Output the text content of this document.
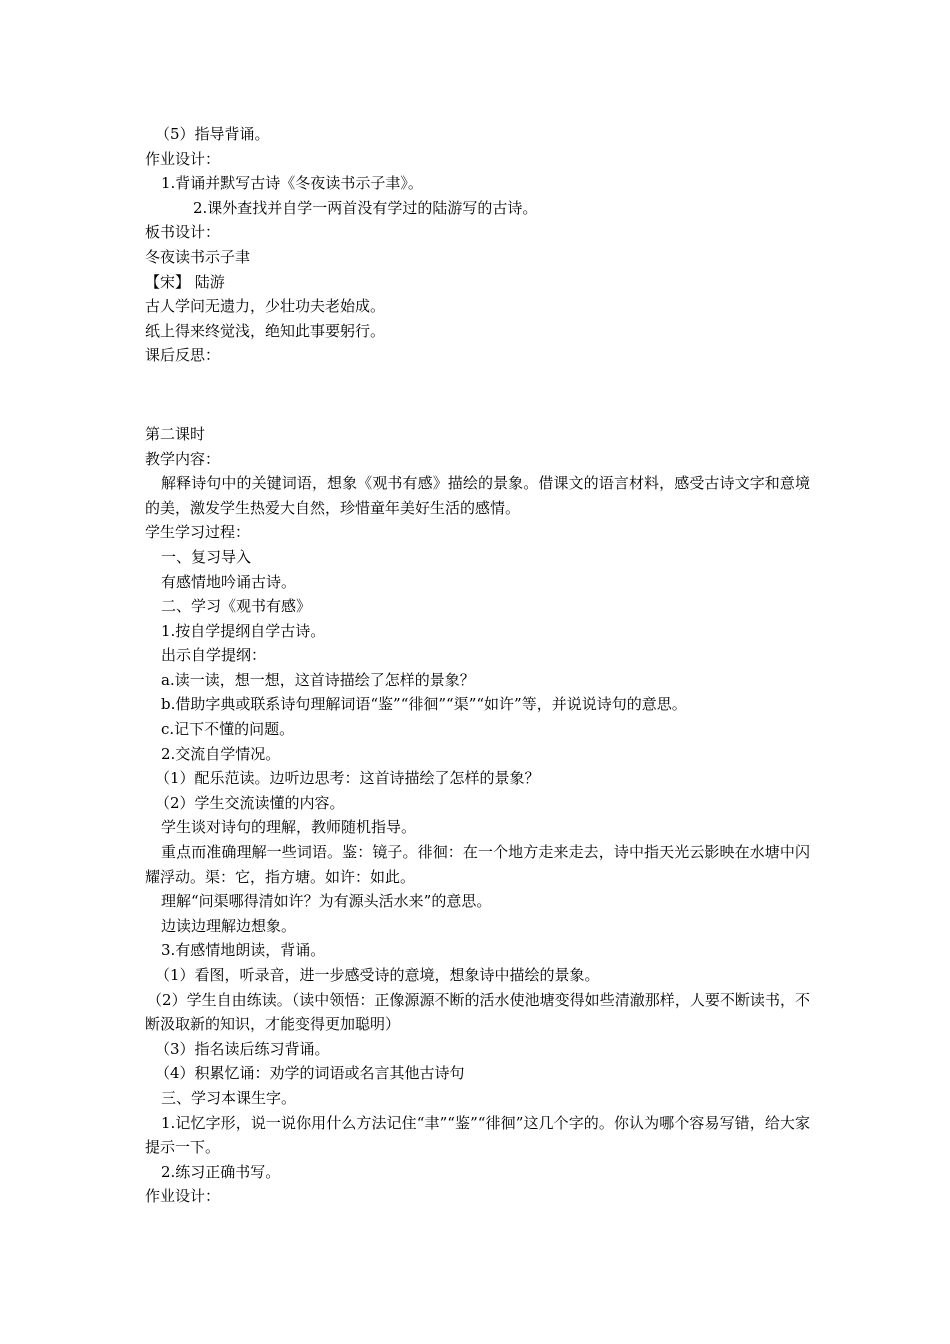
（5）指导背诵。
作业设计：
1.背诵并默写古诗《冬夜读书示子聿》。
2.课外查找并自学一两首没有学过的陆游写的古诗。
板书设计：
冬夜读书示子聿
【宋】 陆游
古人学问无遗力，少壮功夫老始成。
纸上得来终觉浅，绝知此事要躬行。
课后反思：
第二课时
教学内容：
解释诗句中的关键词语，想象《观书有感》描绘的景象。借课文的语言材料，感受古诗文字和意境的美，激发学生热爱大自然，珍惜童年美好生活的感情。
学生学习过程：
一、复习导入
有感情地吟诵古诗。
二、学习《观书有感》
1.按自学提纲自学古诗。
出示自学提纲：
a.读一读，想一想，这首诗描绘了怎样的景象？
b.借助字典或联系诗句理解词语“鉴”“徘徊”“渠”“如许”等，并说说诗句的意思。
c.记下不懂的问题。
2.交流自学情况。
（1）配乐范读。边听边思考：这首诗描绘了怎样的景象？
（2）学生交流读懂的内容。
学生谈对诗句的理解，教师随机指导。
重点而准确理解一些词语。鉴：镜子。徘徊：在一个地方走来走去，诗中指天光云影映在水塘中闪耀浮动。渠：它，指方塘。如许：如此。
理解“问渠哪得清如许？为有源头活水来”的意思。
边读边理解边想象。
3.有感情地朗读，背诵。
（1）看图，听录音，进一步感受诗的意境，想象诗中描绘的景象。
（2）学生自由练读。（读中领悟：正像源源不断的活水使池塘变得如些清澈那样，人要不断读书，不断汲取新的知识，才能变得更加聪明）
（3）指名读后练习背诵。
（4）积累忆诵：劝学的词语或名言其他古诗句
三、学习本课生字。
1.记忆字形，说一说你用什么方法记住“聿”“鉴”“徘徊”这几个字的。你认为哪个容易写错，给大家提示一下。
2.练习正确书写。
作业设计：
